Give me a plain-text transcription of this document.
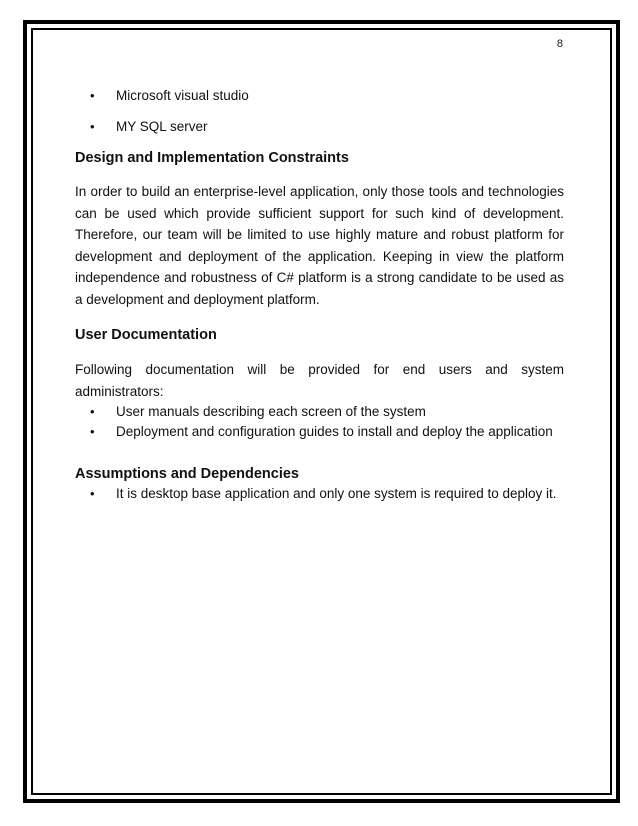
8
• Microsoft visual studio
• MY SQL server
Design and Implementation Constraints

In order to build an enterprise-level application, only those tools and technologies can be used which provide sufficient support for such kind of development. Therefore, our team will be limited to use highly mature and robust platform for development and deployment of the application. Keeping in view the platform independence and robustness of C# platform is a strong candidate to be used as a development and deployment platform.

User Documentation

Following documentation will be provided for end users and system administrators:

• User manuals describing each screen of the system
• Deployment and configuration guides to install and deploy the application
Assumptions and Dependencies
• It is desktop base application and only one system is required to deploy it.
